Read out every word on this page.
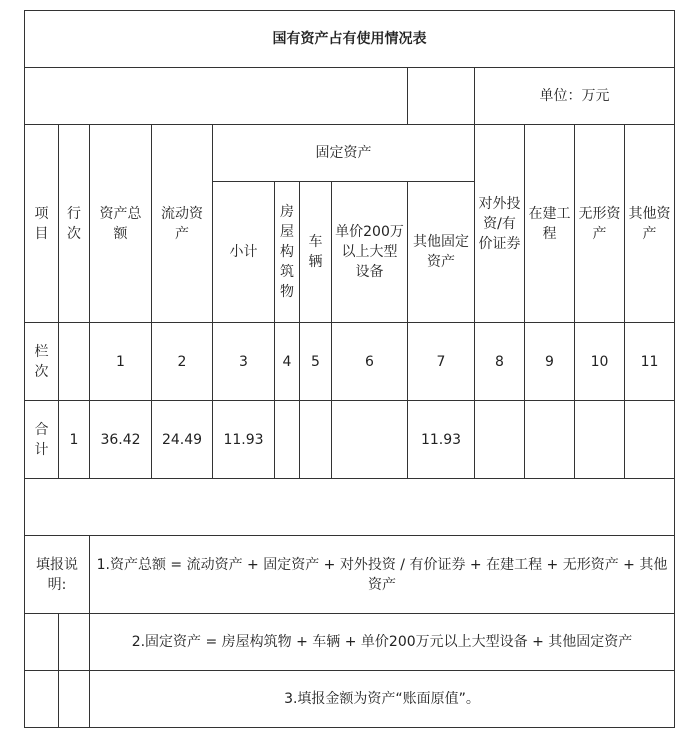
国有资产占有使用情况表												
									单位：万元			
项目	行次	资产总额	流动资产	固定资产					对外投资/有价证券	在建工程	无形资产	其他资产
				小计	房屋构筑物	车辆	单价200万以上大型设备	其他固定资产				
栏次		1	2	3	4	5	6	7	8	9	10	11
合计	1	36.42	24.49	11.93				11.93				

填报说明:		1.资产总额 = 流动资产 + 固定资产 + 对外投资 / 有价证券 + 在建工程 + 无形资产 + 其他资产										
		2.固定资产 = 房屋构筑物 + 车辆 + 单价200万元以上大型设备 + 其他固定资产										
		3.填报金额为资产“账面原值”。										
